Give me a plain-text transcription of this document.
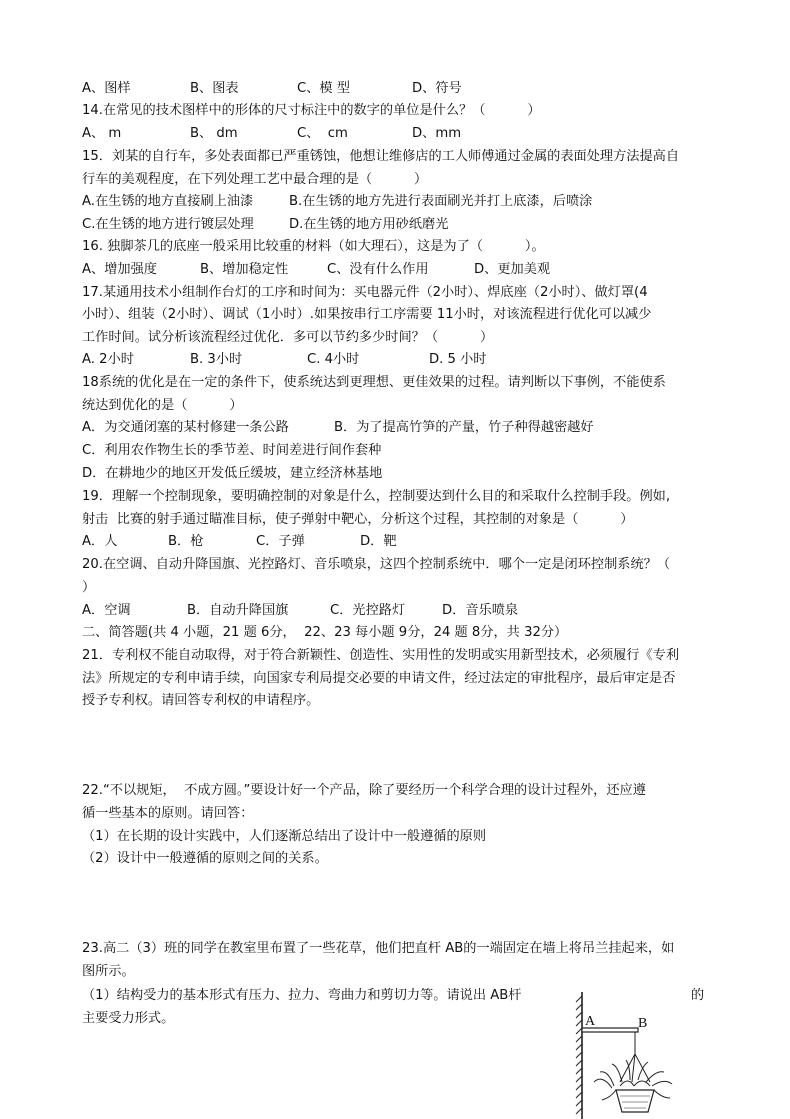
A、图样	B、图表	C、模 型	D、符号
14.在常见的技术图样中的形体的尺寸标注中的数字的单位是什么？（          ）
A、 m	B、 dm	C、  cm	D、mm
15．刘某的自行车，多处表面都已严重锈蚀，他想让维修店的工人师傅通过金属的表面处理方法提高自
行车的美观程度，在下列处理工艺中最合理的是（          ）
A.在生锈的地方直接刷上油漆	B.在生锈的地方先进行表面刷光并打上底漆，后喷涂
C.在生锈的地方进行镀层处理	D.在生锈的地方用砂纸磨光
16. 独脚茶几的底座一般采用比较重的材料（如大理石），这是为了（          ）。
A、增加强度	B、增加稳定性	C、没有什么作用	D、更加美观
17.某通用技术小组制作台灯的工序和时间为：买电器元件（2小时）、焊底座（2小时）、做灯罩(4
小时）、组装（2小时）、调试（1小时）.如果按串行工序需要 11小时，对该流程进行优化可以减少
工作时间。试分析该流程经过优化．多可以节约多少时间？（          ）
A. 2小时	B. 3小时	C. 4小时	D. 5 小时
18系统的优化是在一定的条件下，使系统达到更理想、更佳效果的过程。请判断以下事例，不能使系
统达到优化的是（          ）
A．为交通闭塞的某村修建一条公路	B．为了提高竹笋的产量，竹子种得越密越好
C．利用农作物生长的季节差、时间差进行间作套种
D．在耕地少的地区开发低丘缓坡，建立经济林基地
19．理解一个控制现象，要明确控制的对象是什么，控制要达到什么目的和采取什么控制手段。例如,
射击  比赛的射手通过瞄准目标，使子弹射中靶心，分析这个过程，其控制的对象是（          ）
A．人	B．枪	C．子弹	D．靶
20.在空调、自动升降国旗、光控路灯、音乐喷泉，这四个控制系统中．哪个一定是闭环控制系统？（
）
A．空调	B．自动升降国旗	C．光控路灯	D．音乐喷泉
二、简答题(共 4 小题，21 题 6分，  22、23 每小题 9分，24 题 8分，共 32分）
21．专利权不能自动取得，对于符合新颖性、创造性、实用性的发明或实用新型技术，必须履行《专利
法》所规定的专利申请手续，向国家专利局提交必要的申请文件，经过法定的审批程序，最后审定是否
授予专利权。请回答专利权的申请程序。
22.“不以规矩，  不成方圆。”要设计好一个产品，除了要经历一个科学合理的设计过程外，还应遵
循一些基本的原则。请回答：
（1）在长期的设计实践中，人们逐渐总结出了设计中一般遵循的原则
（2）设计中一般遵循的原则之间的关系。
23.高二（3）班的同学在教室里布置了一些花草，他们把直杆 AB的一端固定在墙上将吊兰挂起来，如
图所示。
（1）结构受力的基本形式有压力、拉力、弯曲力和剪切力等。请说出 AB杆	的
主要受力形式。	A	B
